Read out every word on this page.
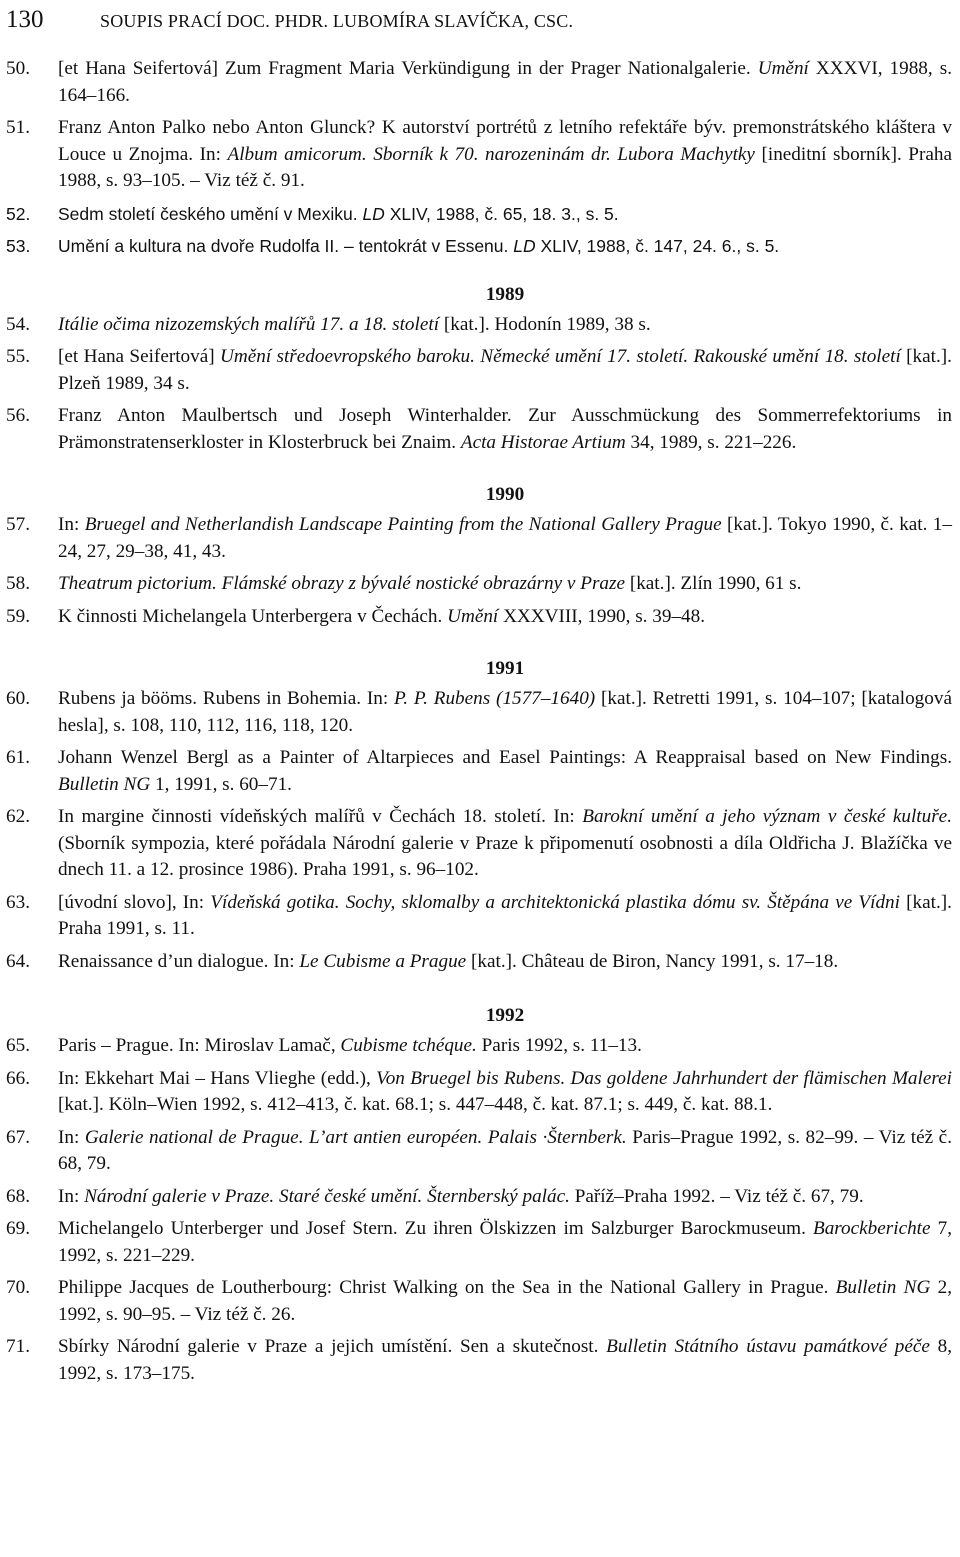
130	SOUPIS PRACÍ DOC. PHDR. LUBOMÍRA SLAVÍČKA, CSC.
50. [et Hana Seifertová] Zum Fragment Maria Verkündigung in der Prager Nationalgalerie. Umění XXXVI, 1988, s. 164–166.
51. Franz Anton Palko nebo Anton Glunck? K autorství portrétů z letního refektáře býv. premonstrátského kláštera v Louce u Znojma. In: Album amicorum. Sborník k 70. narozeninám dr. Lubora Machytky [ineditní sborník]. Praha 1988, s. 93–105. – Viz též č. 91.
52. Sedm století českého umění v Mexiku. LD XLIV, 1988, č. 65, 18. 3., s. 5.
53. Umění a kultura na dvoře Rudolfa II. – tentokrát v Essenu. LD XLIV, 1988, č. 147, 24. 6., s. 5.
1989
54. Itálie očima nizozemských malířů 17. a 18. století [kat.]. Hodonín 1989, 38 s.
55. [et Hana Seifertová] Umění středoevropského baroku. Německé umění 17. století. Rakouské umění 18. století [kat.]. Plzeň 1989, 34 s.
56. Franz Anton Maulbertsch und Joseph Winterhalder. Zur Ausschmückung des Sommerrefektoriums in Prämonstratenserkloster in Klosterbruck bei Znaim. Acta Historae Artium 34, 1989, s. 221–226.
1990
57. In: Bruegel and Netherlandish Landscape Painting from the National Gallery Prague [kat.]. Tokyo 1990, č. kat. 1–24, 27, 29–38, 41, 43.
58. Theatrum pictorium. Flámské obrazy z bývalé nostické obrazárny v Praze [kat.]. Zlín 1990, 61 s.
59. K činnosti Michelangela Unterbergera v Čechách. Umění XXXVIII, 1990, s. 39–48.
1991
60. Rubens ja bööms. Rubens in Bohemia. In: P. P. Rubens (1577–1640) [kat.]. Retretti 1991, s. 104–107; [katalogová hesla], s. 108, 110, 112, 116, 118, 120.
61. Johann Wenzel Bergl as a Painter of Altarpieces and Easel Paintings: A Reappraisal based on New Findings. Bulletin NG 1, 1991, s. 60–71.
62. In margine činnosti vídeňských malířů v Čechách 18. století. In: Barokní umění a jeho význam v české kultuře. (Sborník sympozia, které pořádala Národní galerie v Praze k připomenutí osobnosti a díla Oldřicha J. Blažíčka ve dnech 11. a 12. prosince 1986). Praha 1991, s. 96–102.
63. [úvodní slovo], In: Vídeňská gotika. Sochy, sklomalby a architektonická plastika dómu sv. Štěpána ve Vídni [kat.]. Praha 1991, s. 11.
64. Renaissance d’un dialogue. In: Le Cubisme a Prague [kat.]. Château de Biron, Nancy 1991, s. 17–18.
1992
65. Paris – Prague. In: Miroslav Lamač, Cubisme tchéque. Paris 1992, s. 11–13.
66. In: Ekkehart Mai – Hans Vlieghe (edd.), Von Bruegel bis Rubens. Das goldene Jahrhundert der flämischen Malerei [kat.]. Köln–Wien 1992, s. 412–413, č. kat. 68.1; s. 447–448, č. kat. 87.1; s. 449, č. kat. 88.1.
67. In: Galerie national de Prague. L’art antien européen. Palais ·Šternberk. Paris–Prague 1992, s. 82–99. – Viz též č. 68, 79.
68. In: Národní galerie v Praze. Staré české umění. Šternberský palác. Paříž–Praha 1992. – Viz též č. 67, 79.
69. Michelangelo Unterberger und Josef Stern. Zu ihren Ölskizzen im Salzburger Barockmuseum. Barockberichte 7, 1992, s. 221–229.
70. Philippe Jacques de Loutherbourg: Christ Walking on the Sea in the National Gallery in Prague. Bulletin NG 2, 1992, s. 90–95. – Viz též č. 26.
71. Sbírky Národní galerie v Praze a jejich umístění. Sen a skutečnost. Bulletin Státního ústavu památkové péče 8, 1992, s. 173–175.
